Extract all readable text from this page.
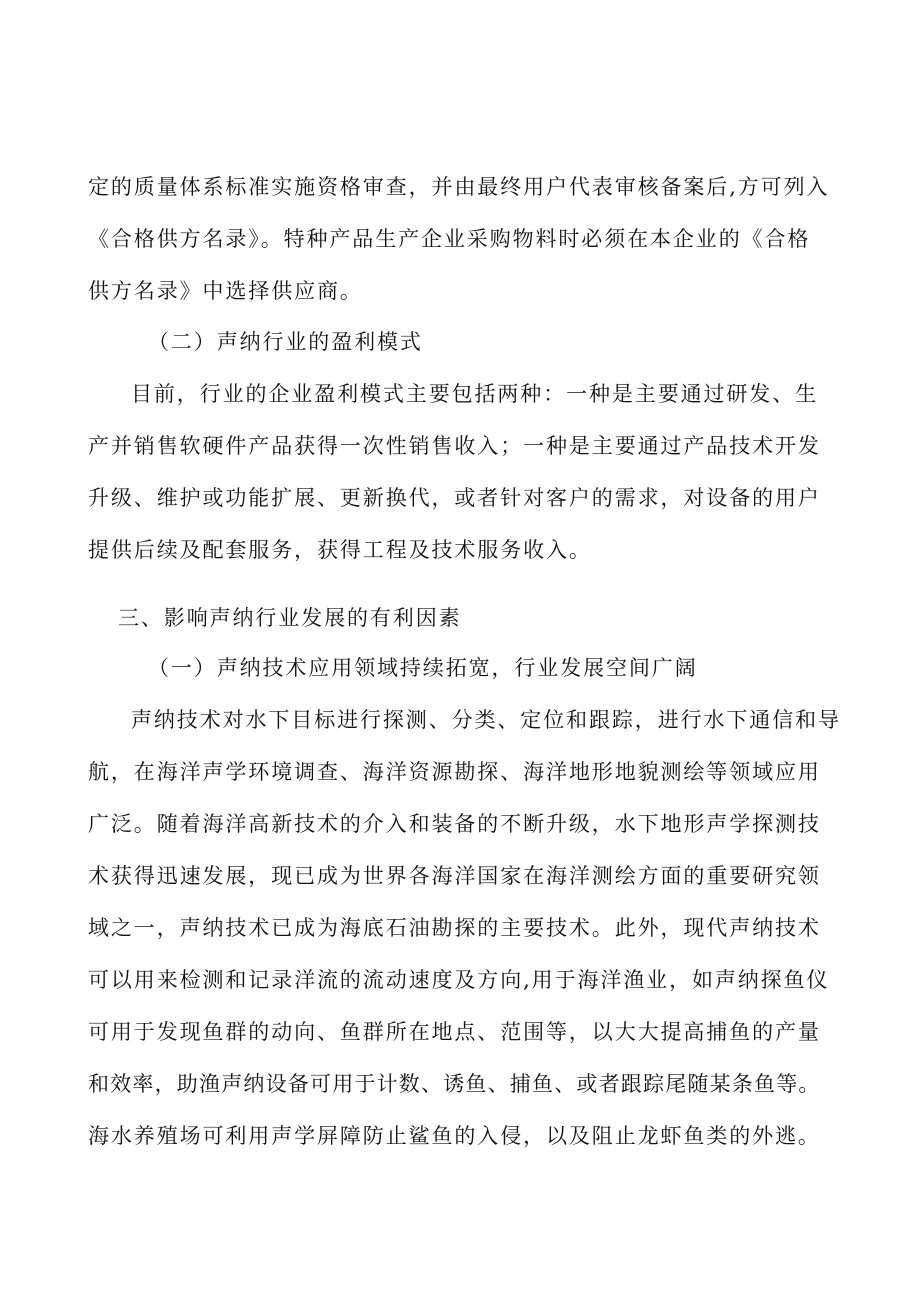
定的质量体系标准实施资格审查，并由最终用户代表审核备案后,方可列入
《合格供方名录》。特种产品生产企业采购物料时必须在本企业的《合格
供方名录》中选择供应商。
（二）声纳行业的盈利模式
目前，行业的企业盈利模式主要包括两种：一种是主要通过研发、生
产并销售软硬件产品获得一次性销售收入；一种是主要通过产品技术开发
升级、维护或功能扩展、更新换代，或者针对客户的需求，对设备的用户
提供后续及配套服务，获得工程及技术服务收入。
三、影响声纳行业发展的有利因素
（一）声纳技术应用领域持续拓宽，行业发展空间广阔
声纳技术对水下目标进行探测、分类、定位和跟踪，进行水下通信和导
航，在海洋声学环境调查、海洋资源勘探、海洋地形地貌测绘等领域应用
广泛。随着海洋高新技术的介入和装备的不断升级，水下地形声学探测技
术获得迅速发展，现已成为世界各海洋国家在海洋测绘方面的重要研究领
域之一，声纳技术已成为海底石油勘探的主要技术。此外，现代声纳技术
可以用来检测和记录洋流的流动速度及方向,用于海洋渔业，如声纳探鱼仪
可用于发现鱼群的动向、鱼群所在地点、范围等，以大大提高捕鱼的产量
和效率，助渔声纳设备可用于计数、诱鱼、捕鱼、或者跟踪尾随某条鱼等。
海水养殖场可利用声学屏障防止鲨鱼的入侵，以及阻止龙虾鱼类的外逃。
